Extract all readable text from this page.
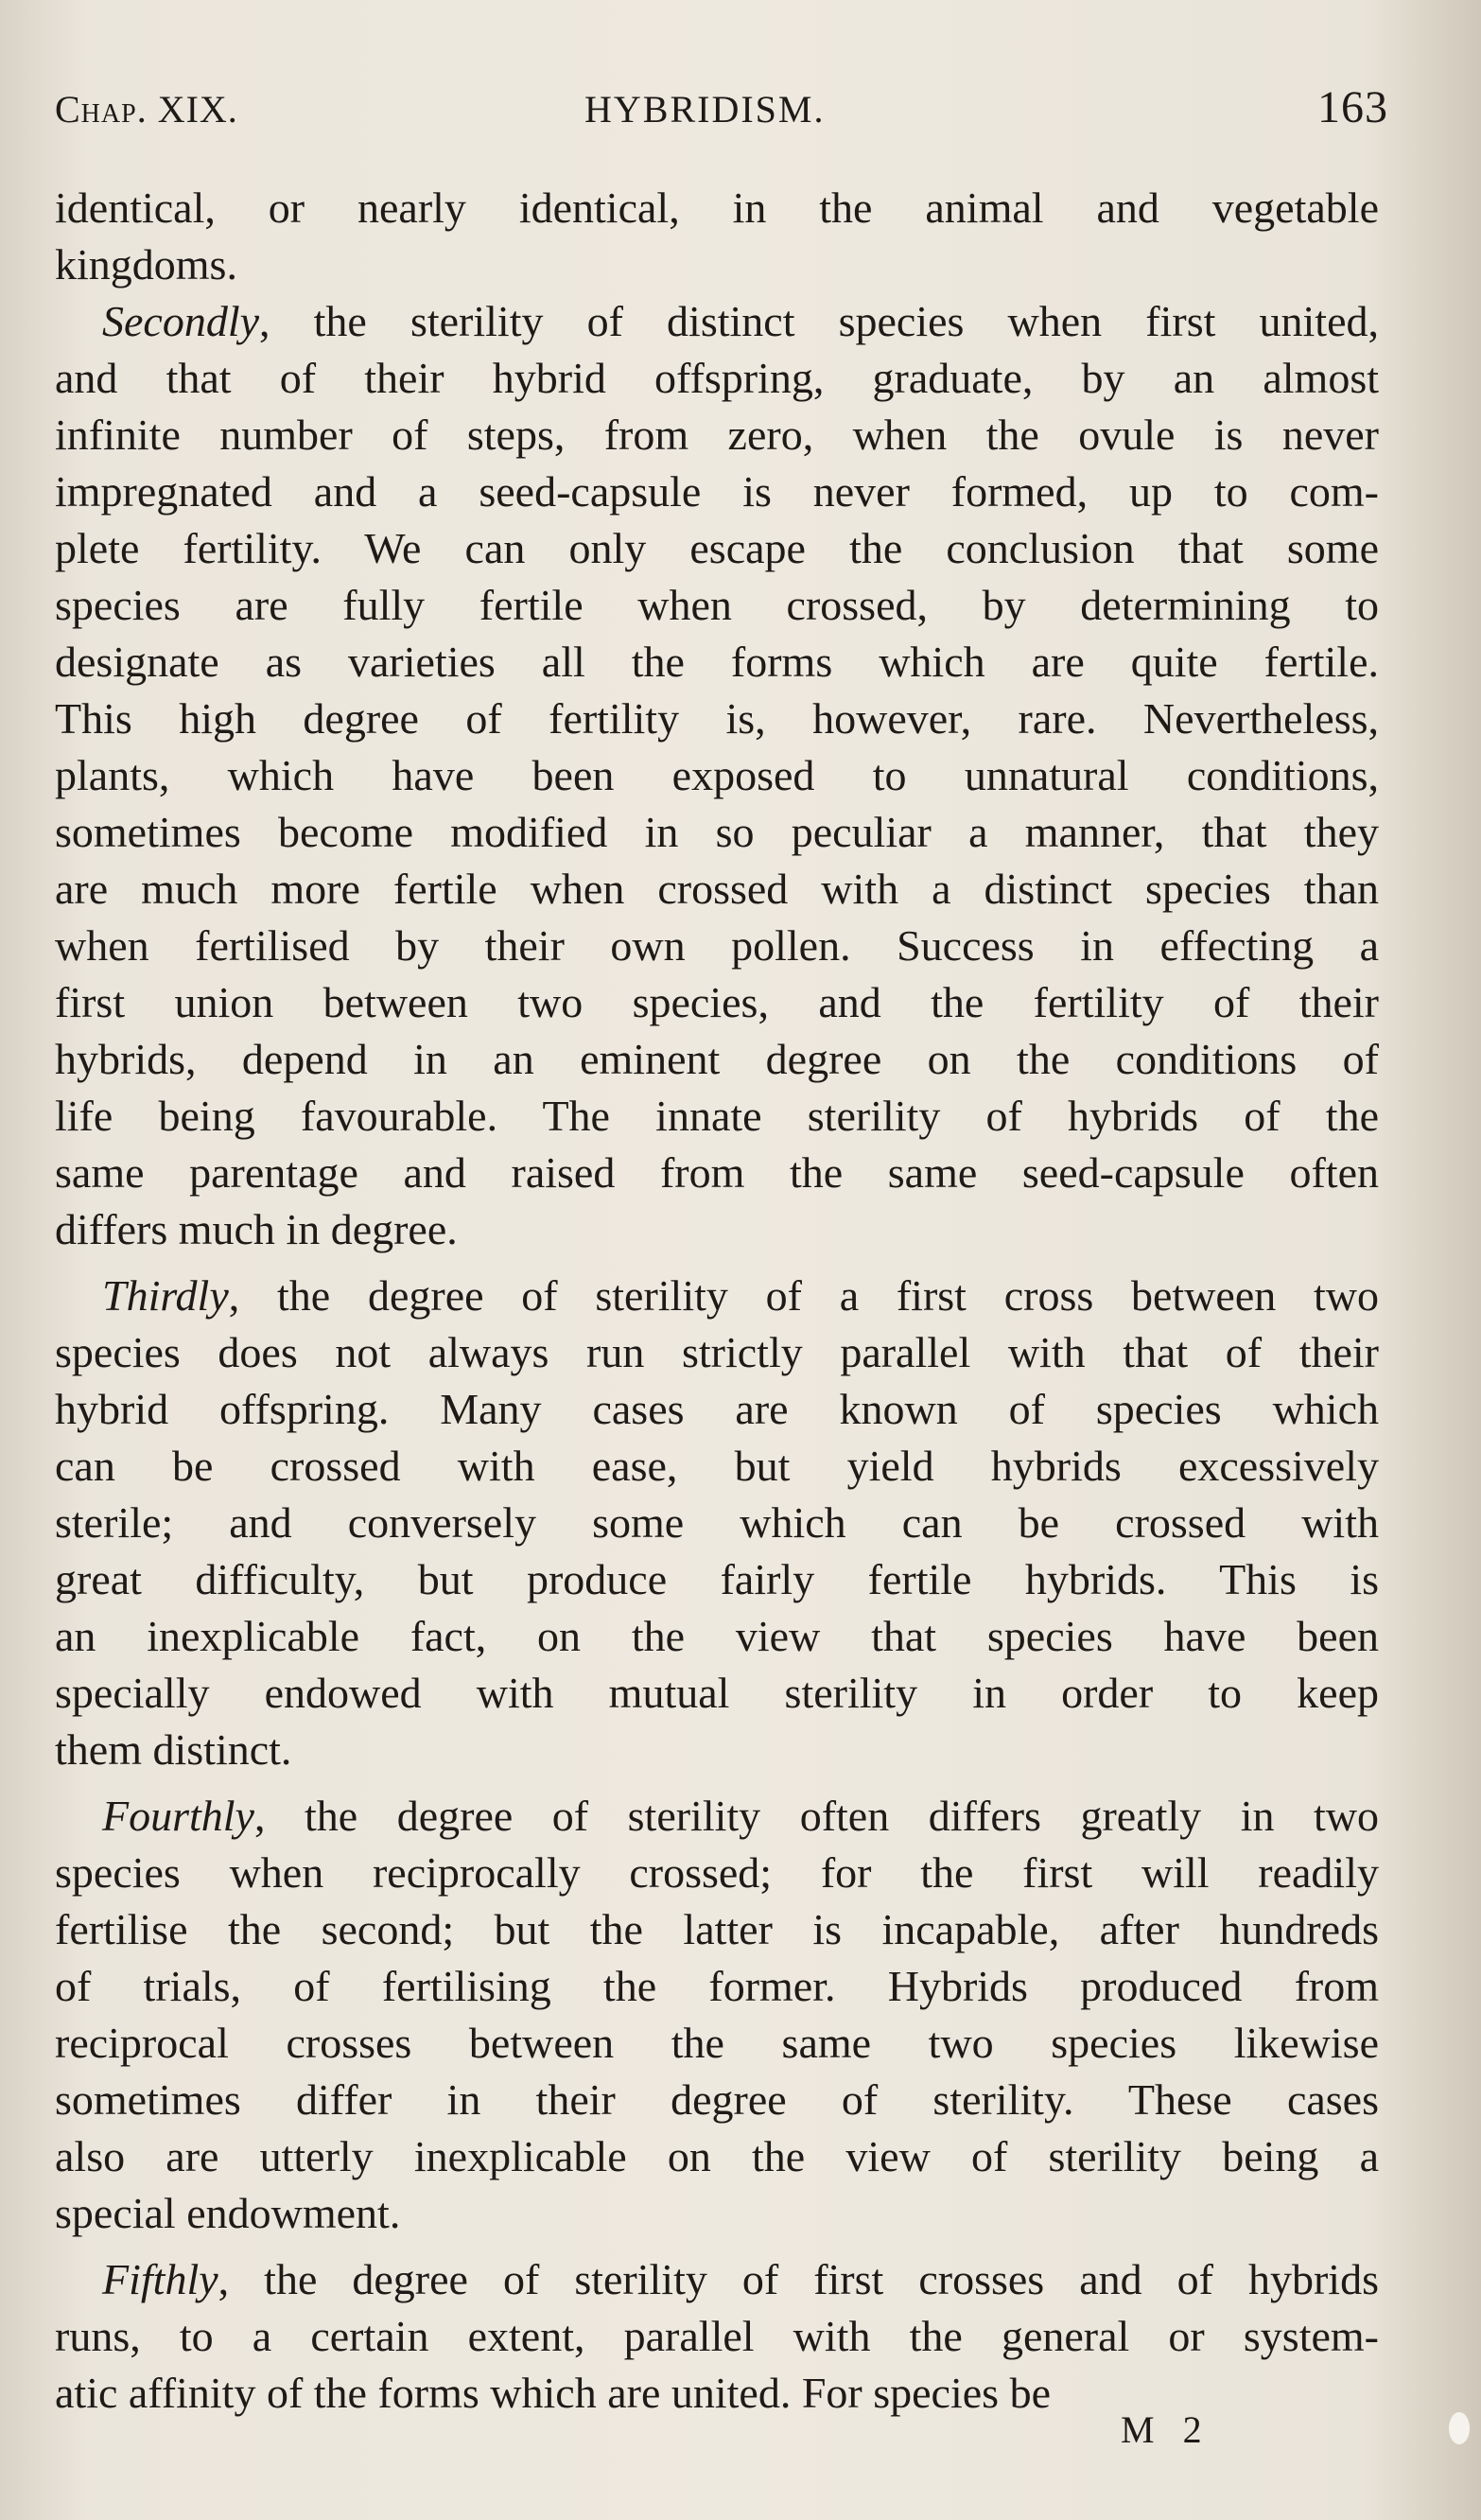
Chap. XIX.	HYBRIDISM.	163
identical, or nearly identical, in the animal and vegetable
kingdoms.
Secondly, the sterility of distinct species when first united,
and that of their hybrid offspring, graduate, by an almost
infinite number of steps, from zero, when the ovule is never
impregnated and a seed-capsule is never formed, up to com-
plete fertility. We can only escape the conclusion that some
species are fully fertile when crossed, by determining to
designate as varieties all the forms which are quite fertile.
This high degree of fertility is, however, rare. Nevertheless,
plants, which have been exposed to unnatural conditions,
sometimes become modified in so peculiar a manner, that they
are much more fertile when crossed with a distinct species than
when fertilised by their own pollen. Success in effecting a
first union between two species, and the fertility of their
hybrids, depend in an eminent degree on the conditions of
life being favourable. The innate sterility of hybrids of the
same parentage and raised from the same seed-capsule often
differs much in degree.
Thirdly, the degree of sterility of a first cross between two
species does not always run strictly parallel with that of their
hybrid offspring. Many cases are known of species which
can be crossed with ease, but yield hybrids excessively
sterile; and conversely some which can be crossed with
great difficulty, but produce fairly fertile hybrids. This is
an inexplicable fact, on the view that species have been
specially endowed with mutual sterility in order to keep
them distinct.
Fourthly, the degree of sterility often differs greatly in two
species when reciprocally crossed; for the first will readily
fertilise the second; but the latter is incapable, after hundreds
of trials, of fertilising the former. Hybrids produced from
reciprocal crosses between the same two species likewise
sometimes differ in their degree of sterility. These cases
also are utterly inexplicable on the view of sterility being a
special endowment.
Fifthly, the degree of sterility of first crosses and of hybrids
runs, to a certain extent, parallel with the general or system-
atic affinity of the forms which are united. For species be
M 2
